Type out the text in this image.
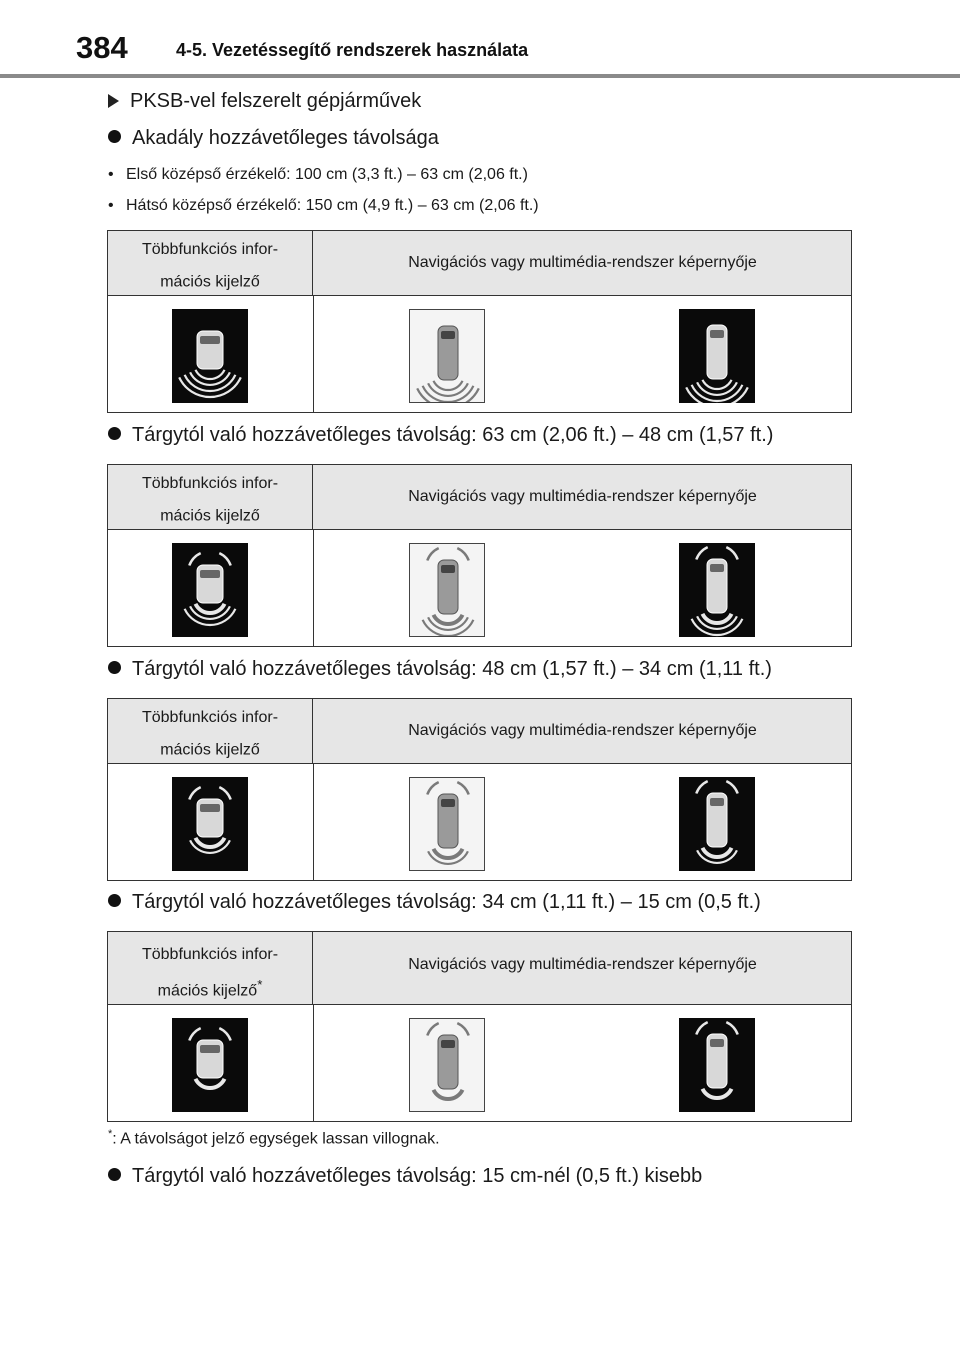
384	4-5. Vezetéssegítő rendszerek használata
PKSB-vel felszerelt gépjárművek
Akadály hozzávetőleges távolsága
• Első középső érzékelő: 100 cm (3,3 ft.) – 63 cm (2,06 ft.)
• Hátsó középső érzékelő: 150 cm (4,9 ft.) – 63 cm (2,06 ft.)
Többfunkciós infor-
mációs kijelző
Navigációs vagy multimédia-rendszer képernyője
Tárgytól való hozzávetőleges távolság: 63 cm (2,06 ft.) – 48 cm (1,57 ft.)
Többfunkciós infor-
mációs kijelző
Navigációs vagy multimédia-rendszer képernyője
Tárgytól való hozzávetőleges távolság: 48 cm (1,57 ft.) – 34 cm (1,11 ft.)
Többfunkciós infor-
mációs kijelző
Navigációs vagy multimédia-rendszer képernyője
Tárgytól való hozzávetőleges távolság: 34 cm (1,11 ft.) – 15 cm (0,5 ft.)
Többfunkciós infor-
mációs kijelző*
Navigációs vagy multimédia-rendszer képernyője
*: A távolságot jelző egységek lassan villognak.
Tárgytól való hozzávetőleges távolság: 15 cm-nél (0,5 ft.) kisebb
